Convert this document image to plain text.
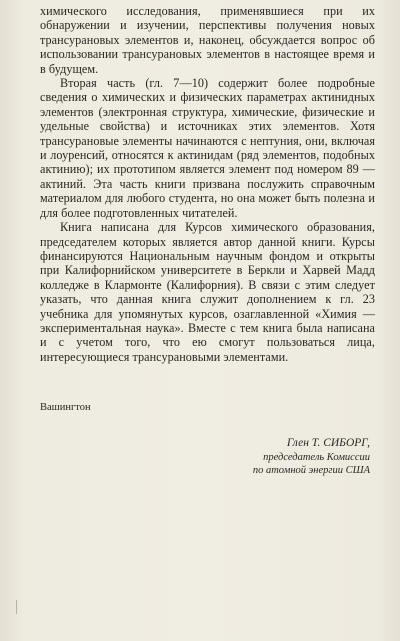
химического исследования, применявшиеся при их обнаружении и изучении, перспективы получения новых трансурановых элементов и, наконец, обсуждается вопрос об использовании трансурановых элементов в настоящее время и в будущем.

Вторая часть (гл. 7—10) содержит более подробные сведения о химических и физических параметрах актинидных элементов (электронная структура, химические, физические и удельные свойства) и источниках этих элементов. Хотя трансурановые элементы начинаются с нептуния, они, включая и лоуренсий, относятся к актинидам (ряд элементов, подобных актинию); их прототипом является элемент под номером 89 — актиний. Эта часть книги призвана послужить справочным материалом для любого студента, но она может быть полезна и для более подготовленных читателей.

Книга написана для Курсов химического образования, председателем которых является автор данной книги. Курсы финансируются Национальным научным фондом и открыты при Калифорнийском университете в Беркли и Харвей Мадд колледже в Клармонте (Калифорния). В связи с этим следует указать, что данная книга служит дополнением к гл. 23 учебника для упомянутых курсов, озаглавленной «Химия — экспериментальная наука». Вместе с тем книга была написана и с учетом того, что ею смогут пользоваться лица, интересующиеся трансурановыми элементами.

Вашингтон
Глен Т. СИБОРГ,
председатель Комиссии
по атомной энергии США
